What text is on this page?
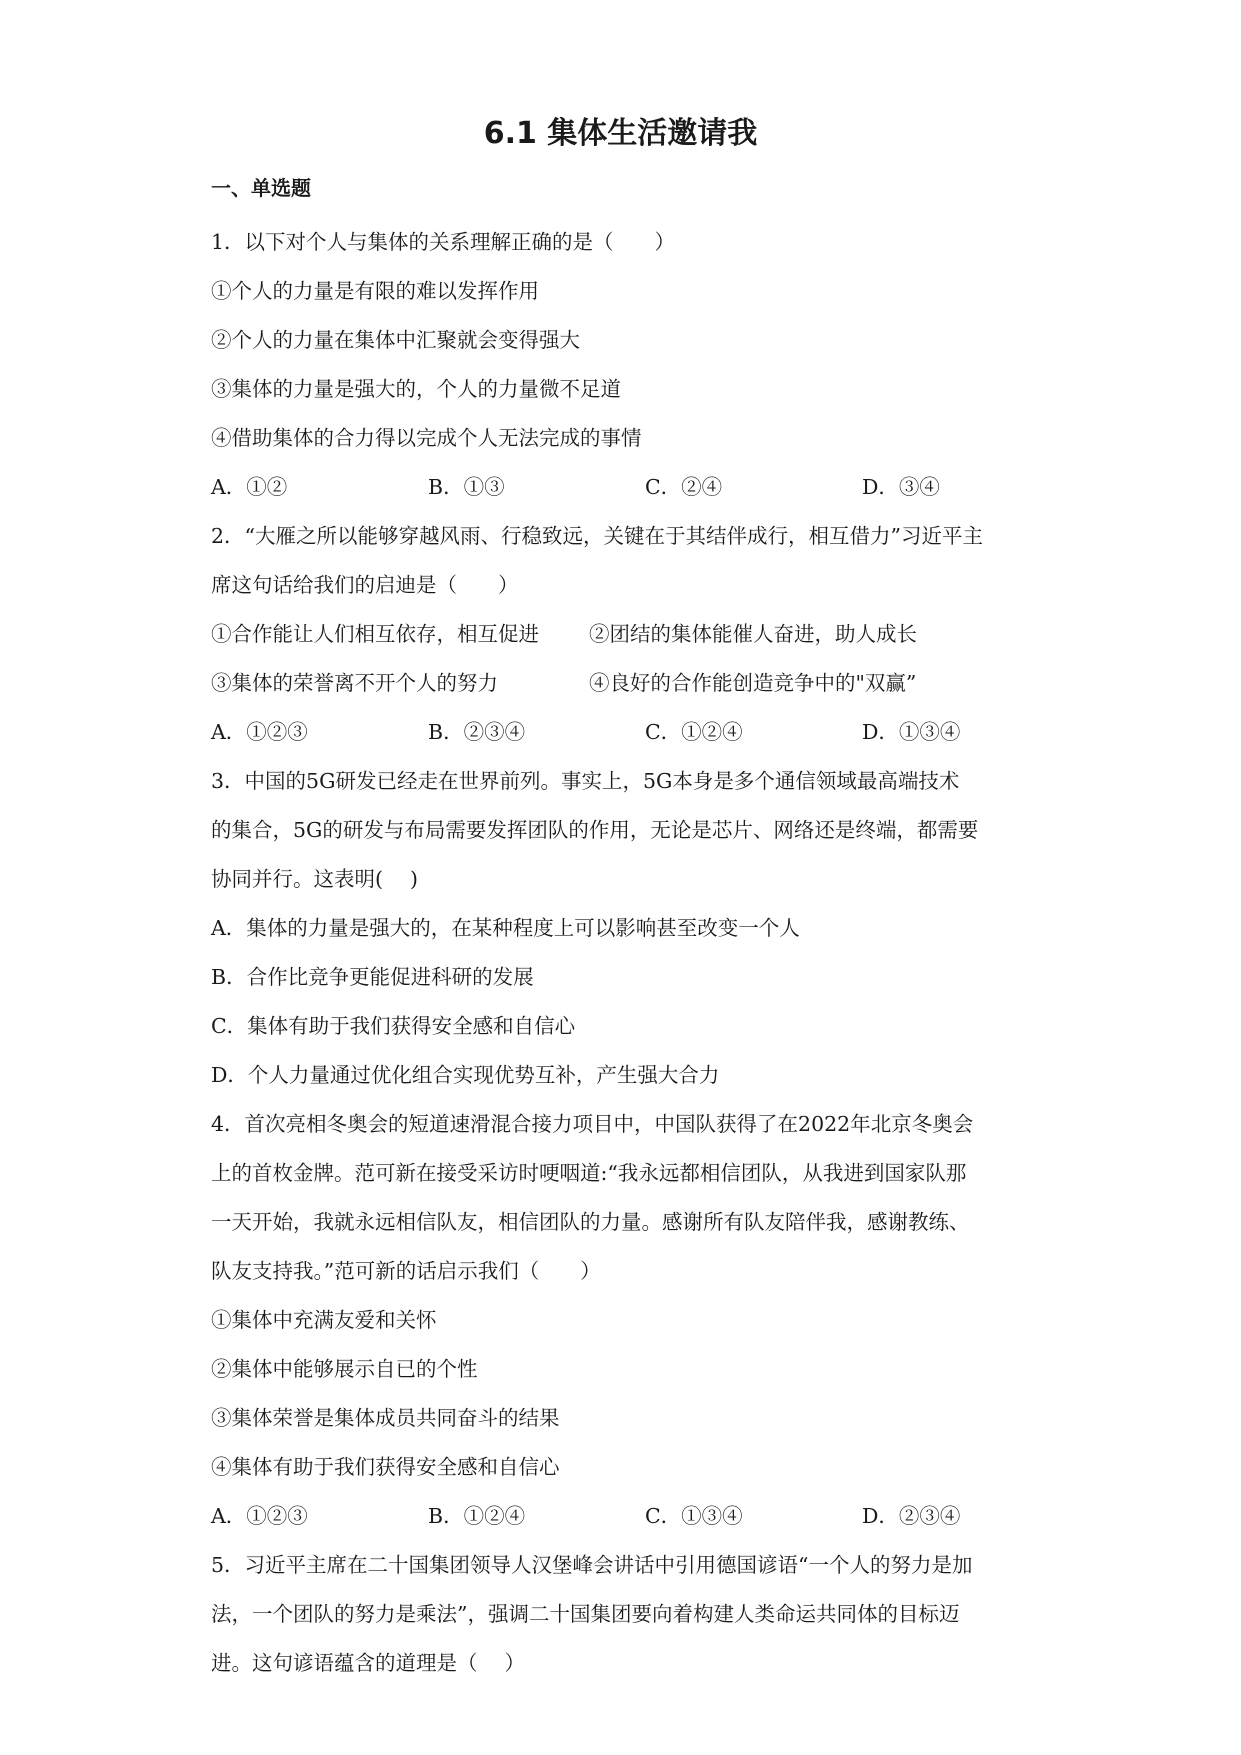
6.1 集体生活邀请我
一、单选题
1．以下对个人与集体的关系理解正确的是（　　）
①个人的力量是有限的难以发挥作用
②个人的力量在集体中汇聚就会变得强大
③集体的力量是强大的，个人的力量微不足道
④借助集体的合力得以完成个人无法完成的事情
A．①②	B．①③	C．②④	D．③④
2．“大雁之所以能够穿越风雨、行稳致远，关键在于其结伴成行，相互借力”习近平主
席这句话给我们的启迪是（　　）
①合作能让人们相互依存，相互促进 ②团结的集体能催人奋进，助人成长
③集体的荣誉离不开个人的努力	④良好的合作能创造竞争中的"双赢”
A．①②③	B．②③④	C．①②④	D．①③④
3．中国的5G研发已经走在世界前列。事实上，5G本身是多个通信领域最高端技术
的集合，5G的研发与布局需要发挥团队的作用，无论是芯片、网络还是终端，都需要
协同并行。这表明(　 )
A．集体的力量是强大的，在某种程度上可以影响甚至改变一个人
B．合作比竞争更能促进科研的发展
C．集体有助于我们获得安全感和自信心
D．个人力量通过优化组合实现优势互补，产生强大合力
4．首次亮相冬奥会的短道速滑混合接力项目中，中国队获得了在2022年北京冬奥会
上的首枚金牌。范可新在接受采访时哽咽道:“我永远都相信团队，从我进到国家队那
一天开始，我就永远相信队友，相信团队的力量。感谢所有队友陪伴我，感谢教练、
队友支持我。”范可新的话启示我们（　　）
①集体中充满友爱和关怀
②集体中能够展示自已的个性
③集体荣誉是集体成员共同奋斗的结果
④集体有助于我们获得安全感和自信心
A．①②③	B．①②④	C．①③④	D．②③④
5．习近平主席在二十国集团领导人汉堡峰会讲话中引用德国谚语“一个人的努力是加
法，一个团队的努力是乘法”，强调二十国集团要向着构建人类命运共同体的目标迈
进。这句谚语蕴含的道理是（　 ）
